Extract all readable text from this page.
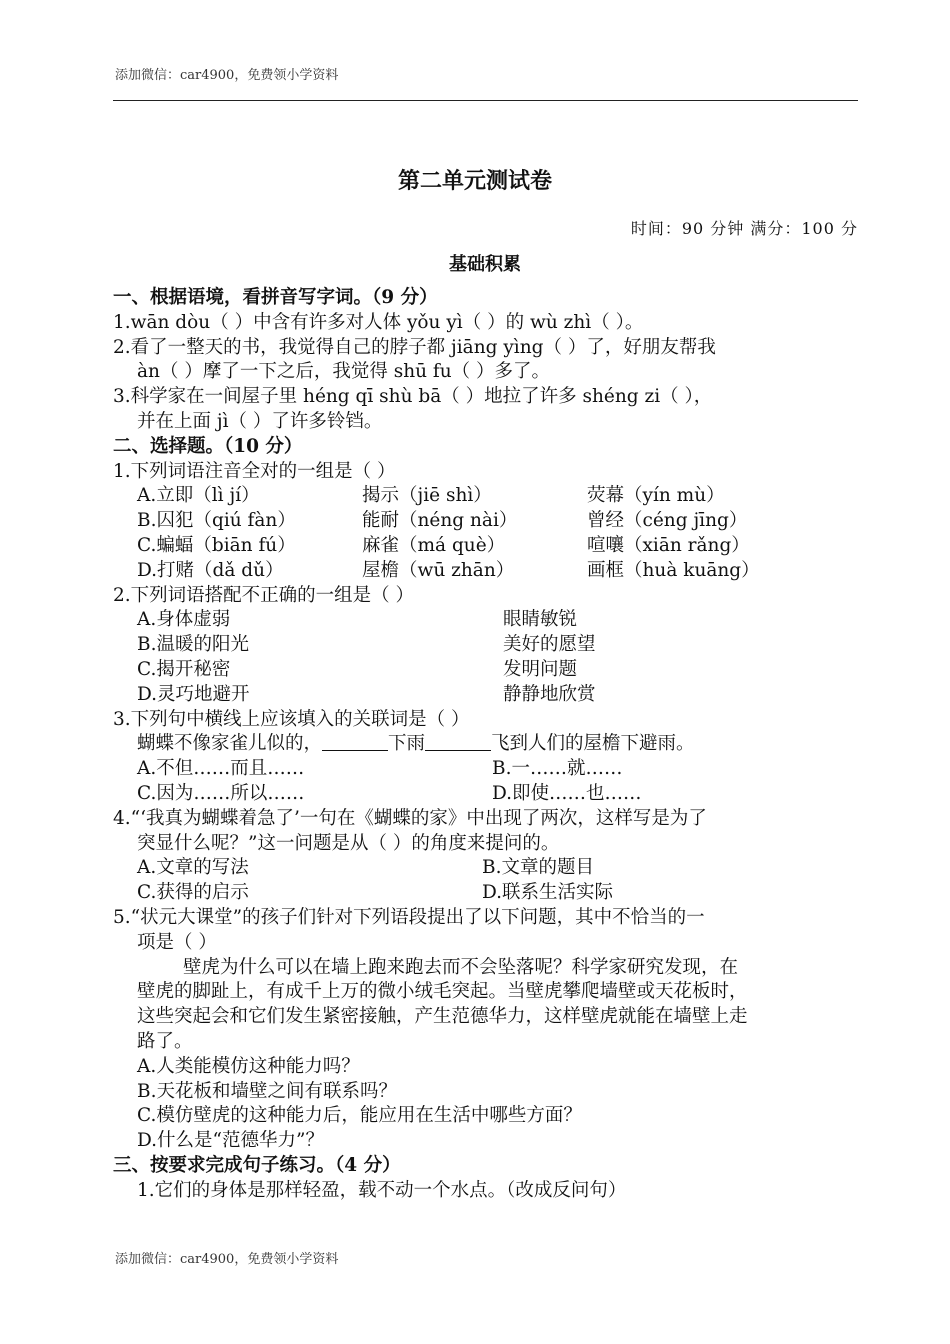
添加微信：car4900，免费领小学资料
第二单元测试卷
时间：90 分钟 满分：100 分
基础积累
一、根据语境，看拼音写字词。（9 分）
1.wān dòu（ ）中含有许多对人体 yǒu yì（ ）的 wù zhì（ ）。
2.看了一整天的书，我觉得自己的脖子都 jiāng yìng（ ）了，好朋友帮我
àn（ ）摩了一下之后，我觉得 shū fu（ ）多了。
3.科学家在一间屋子里 héng qī shù bā（ ）地拉了许多 shéng zi（ ），
并在上面 jì（ ）了许多铃铛。
二、选择题。（10 分）
1.下列词语注音全对的一组是（ ）
A.立即（lì jí）	揭示（jiē shì）	荧幕（yín mù）
B.囚犯（qiú fàn）	能耐（néng nài）	曾经（céng jīng）
C.蝙蝠（biān fú）	麻雀（má què）	喧嚷（xiān rǎng）
D.打赌（dǎ dǔ）	屋檐（wū zhān）	画框（huà kuāng）
2.下列词语搭配不正确的一组是（ ）
A.身体虚弱	眼睛敏锐
B.温暖的阳光	美好的愿望
C.揭开秘密	发明问题
D.灵巧地避开	静静地欣赏
3.下列句中横线上应该填入的关联词是（ ）
蝴蝶不像家雀儿似的，	下雨	飞到人们的屋檐下避雨。
A.不但……而且……	B.一……就……
C.因为……所以……	D.即使……也……
4.“‘我真为蝴蝶着急了’一句在《蝴蝶的家》中出现了两次，这样写是为了
突显什么呢？”这一问题是从（ ）的角度来提问的。
A.文章的写法	B.文章的题目
C.获得的启示	D.联系生活实际
5.“状元大课堂”的孩子们针对下列语段提出了以下问题，其中不恰当的一
项是（ ）
壁虎为什么可以在墙上跑来跑去而不会坠落呢？科学家研究发现，在
壁虎的脚趾上，有成千上万的微小绒毛突起。当壁虎攀爬墙壁或天花板时，
这些突起会和它们发生紧密接触，产生范德华力，这样壁虎就能在墙壁上走
路了。
A.人类能模仿这种能力吗？
B.天花板和墙壁之间有联系吗？
C.模仿壁虎的这种能力后，能应用在生活中哪些方面？
D.什么是“范德华力”？
三、按要求完成句子练习。（4 分）
1.它们的身体是那样轻盈，载不动一个水点。（改成反问句）
添加微信：car4900，免费领小学资料
